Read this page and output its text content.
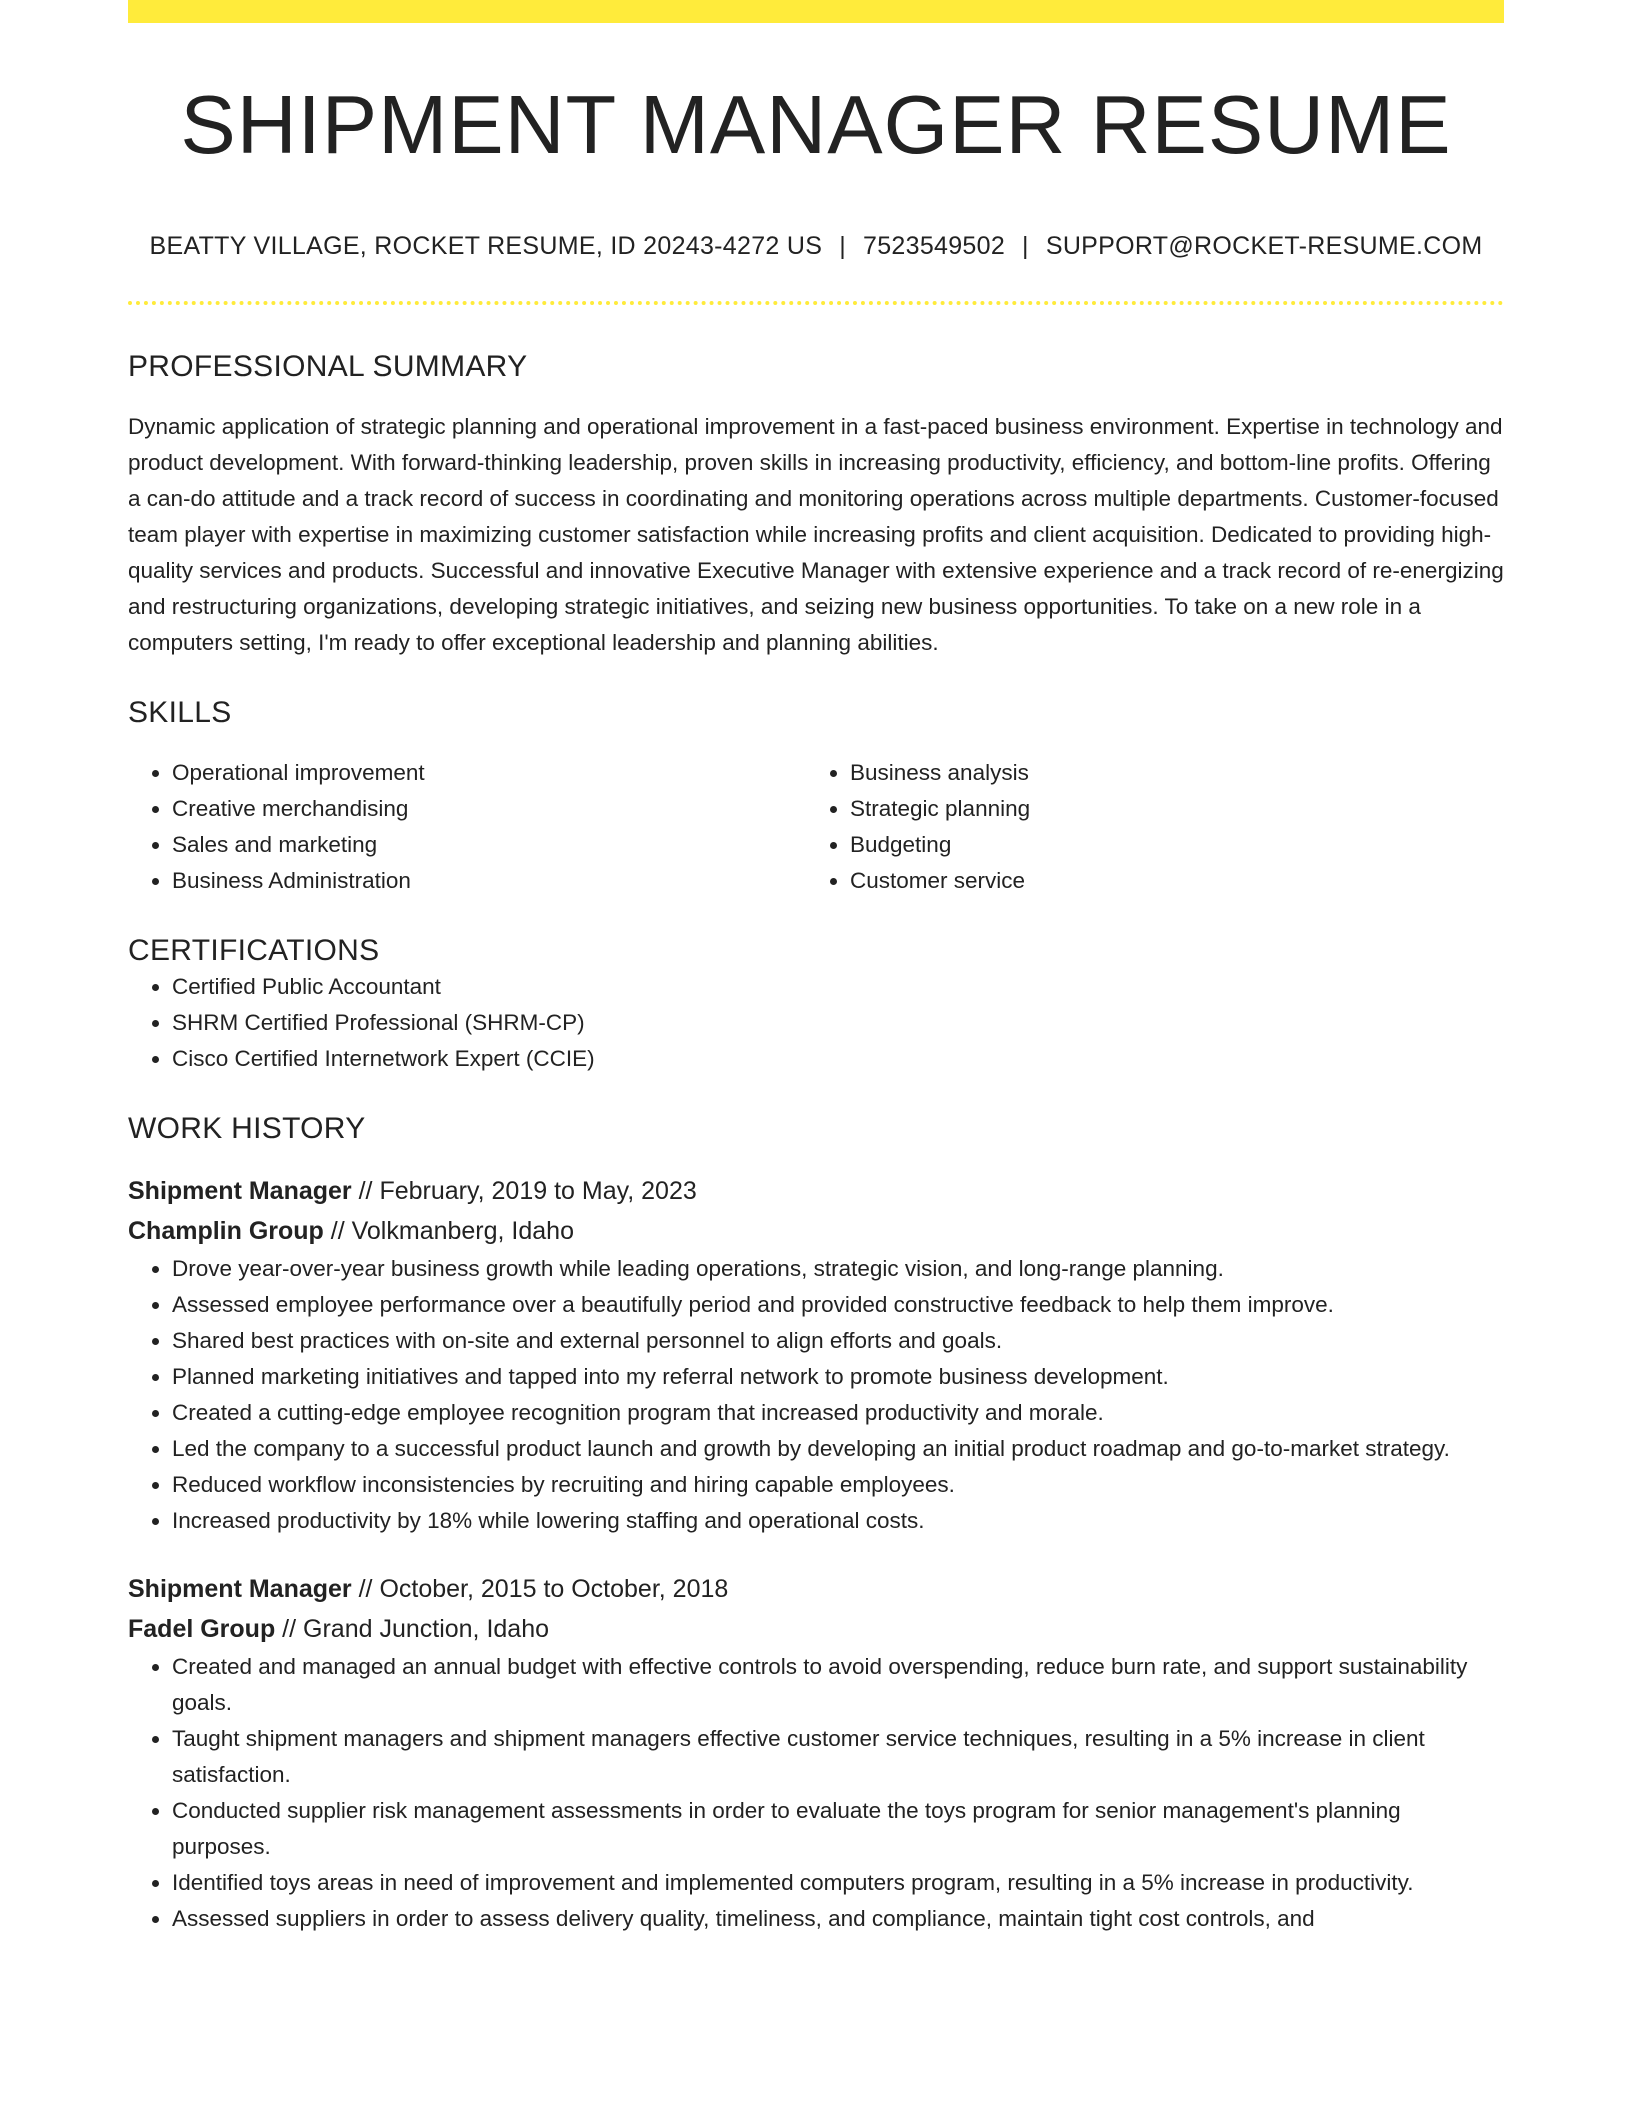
SHIPMENT MANAGER RESUME
BEATTY VILLAGE, ROCKET RESUME, ID 20243-4272 US | 7523549502 | SUPPORT@ROCKET-RESUME.COM
PROFESSIONAL SUMMARY

Dynamic application of strategic planning and operational improvement in a fast-paced business environment. Expertise in technology and product development. With forward-thinking leadership, proven skills in increasing productivity, efficiency, and bottom-line profits. Offering a can-do attitude and a track record of success in coordinating and monitoring operations across multiple departments. Customer-focused team player with expertise in maximizing customer satisfaction while increasing profits and client acquisition. Dedicated to providing high-quality services and products. Successful and innovative Executive Manager with extensive experience and a track record of re-energizing and restructuring organizations, developing strategic initiatives, and seizing new business opportunities. To take on a new role in a computers setting, I'm ready to offer exceptional leadership and planning abilities.

SKILLS
• Operational improvement
• Creative merchandising
• Sales and marketing
• Business Administration
• Business analysis
• Strategic planning
• Budgeting
• Customer service
CERTIFICATIONS
• Certified Public Accountant
• SHRM Certified Professional (SHRM-CP)
• Cisco Certified Internetwork Expert (CCIE)
WORK HISTORY
Shipment Manager // February, 2019 to May, 2023
Champlin Group // Volkmanberg, Idaho
• Drove year-over-year business growth while leading operations, strategic vision, and long-range planning.
• Assessed employee performance over a beautifully period and provided constructive feedback to help them improve.
• Shared best practices with on-site and external personnel to align efforts and goals.
• Planned marketing initiatives and tapped into my referral network to promote business development.
• Created a cutting-edge employee recognition program that increased productivity and morale.
• Led the company to a successful product launch and growth by developing an initial product roadmap and go-to-market strategy.
• Reduced workflow inconsistencies by recruiting and hiring capable employees.
• Increased productivity by 18% while lowering staffing and operational costs.
Shipment Manager // October, 2015 to October, 2018
Fadel Group // Grand Junction, Idaho
• Created and managed an annual budget with effective controls to avoid overspending, reduce burn rate, and support sustainability goals.
• Taught shipment managers and shipment managers effective customer service techniques, resulting in a 5% increase in client satisfaction.
• Conducted supplier risk management assessments in order to evaluate the toys program for senior management's planning purposes.
• Identified toys areas in need of improvement and implemented computers program, resulting in a 5% increase in productivity.
• Assessed suppliers in order to assess delivery quality, timeliness, and compliance, maintain tight cost controls, and
